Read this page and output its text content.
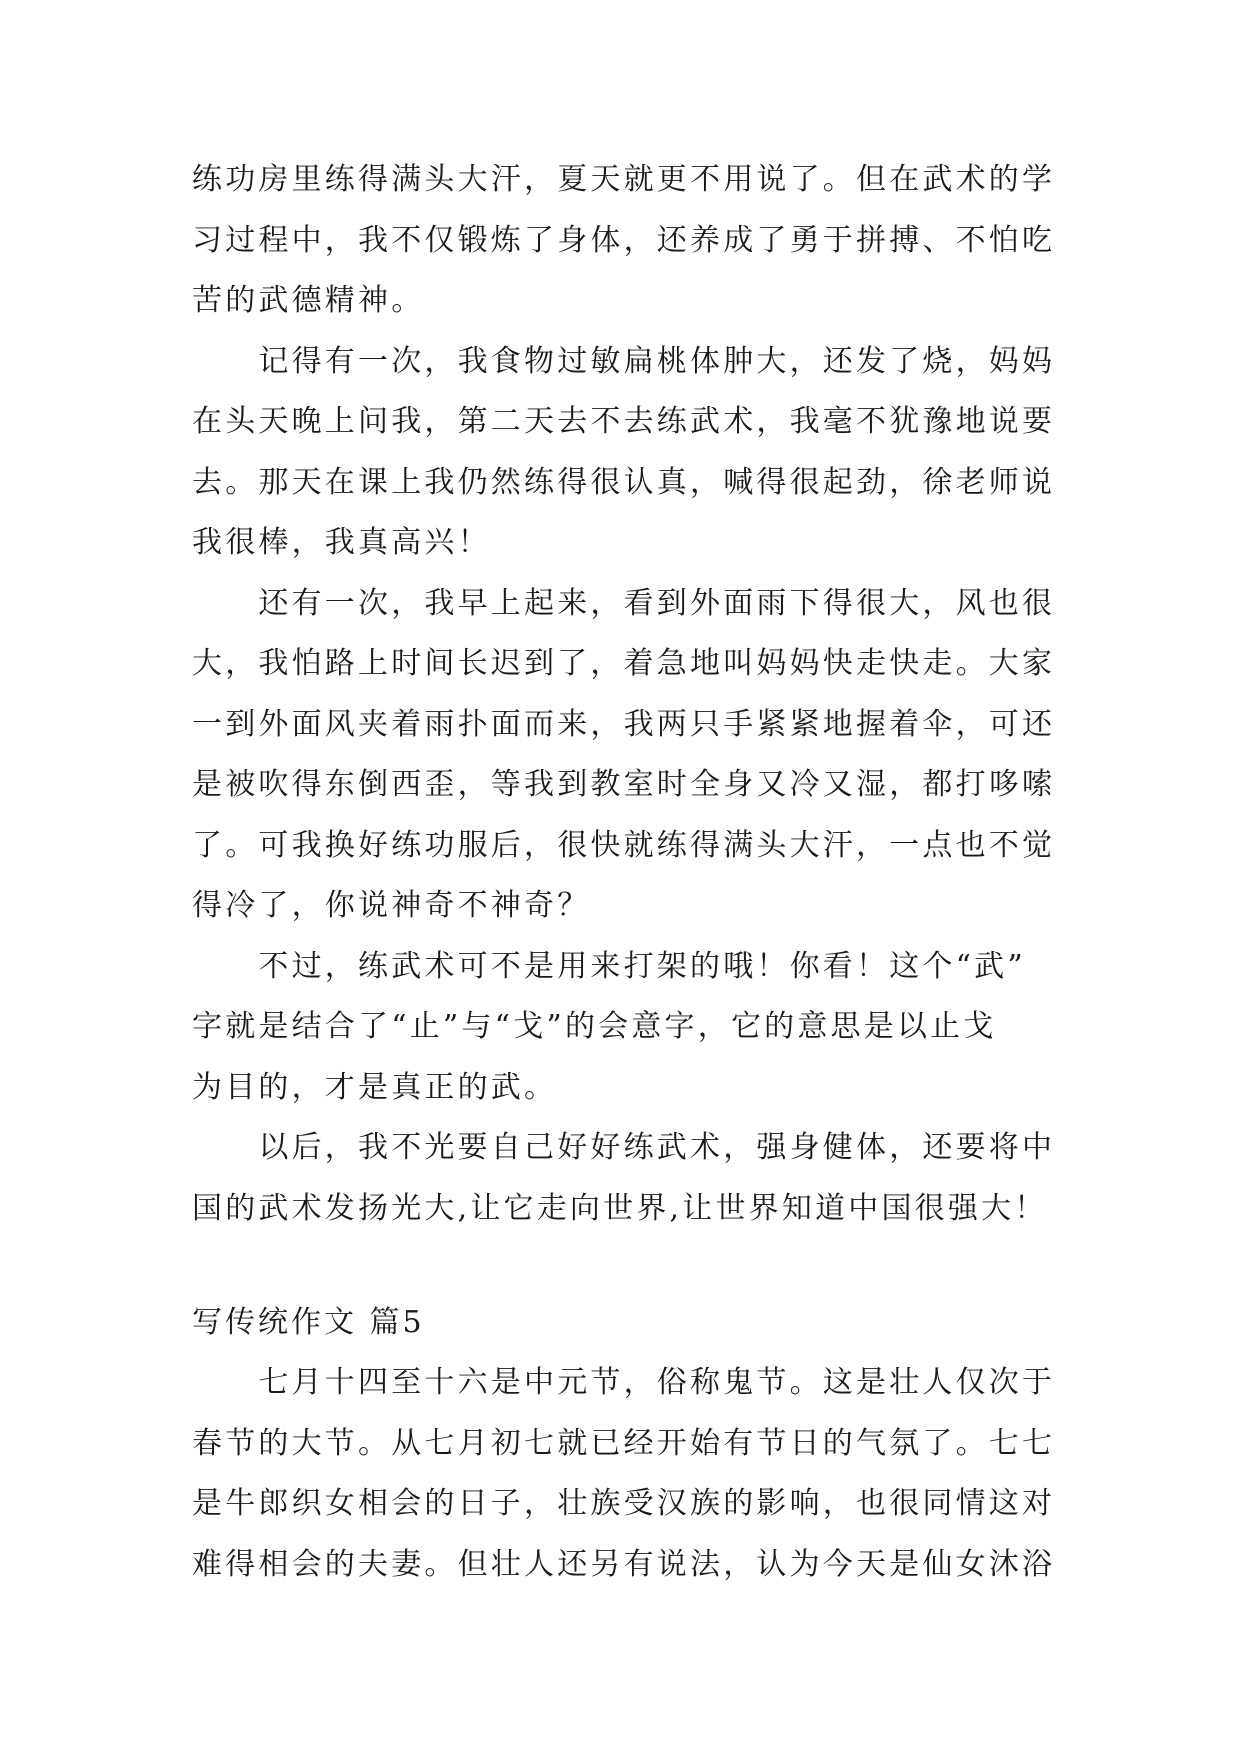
练功房里练得满头大汗，夏天就更不用说了。但在武术的学
习过程中，我不仅锻炼了身体，还养成了勇于拼搏、不怕吃
苦的武德精神。
　　记得有一次，我食物过敏扁桃体肿大，还发了烧，妈妈
在头天晚上问我，第二天去不去练武术，我毫不犹豫地说要
去。那天在课上我仍然练得很认真，喊得很起劲，徐老师说
我很棒，我真高兴！
　　还有一次，我早上起来，看到外面雨下得很大，风也很
大，我怕路上时间长迟到了，着急地叫妈妈快走快走。大家
一到外面风夹着雨扑面而来，我两只手紧紧地握着伞，可还
是被吹得东倒西歪，等我到教室时全身又冷又湿，都打哆嗦
了。可我换好练功服后，很快就练得满头大汗，一点也不觉
得冷了，你说神奇不神奇？
　　不过，练武术可不是用来打架的哦！你看！这个“武”
字就是结合了“止”与“戈”的会意字，它的意思是以止戈
为目的，才是真正的武。
　　以后，我不光要自己好好练武术，强身健体，还要将中
国的武术发扬光大,让它走向世界,让世界知道中国很强大！
写传统作文 篇5
　　七月十四至十六是中元节，俗称鬼节。这是壮人仅次于
春节的大节。从七月初七就已经开始有节日的气氛了。七七
是牛郎织女相会的日子，壮族受汉族的影响，也很同情这对
难得相会的夫妻。但壮人还另有说法，认为今天是仙女沐浴
